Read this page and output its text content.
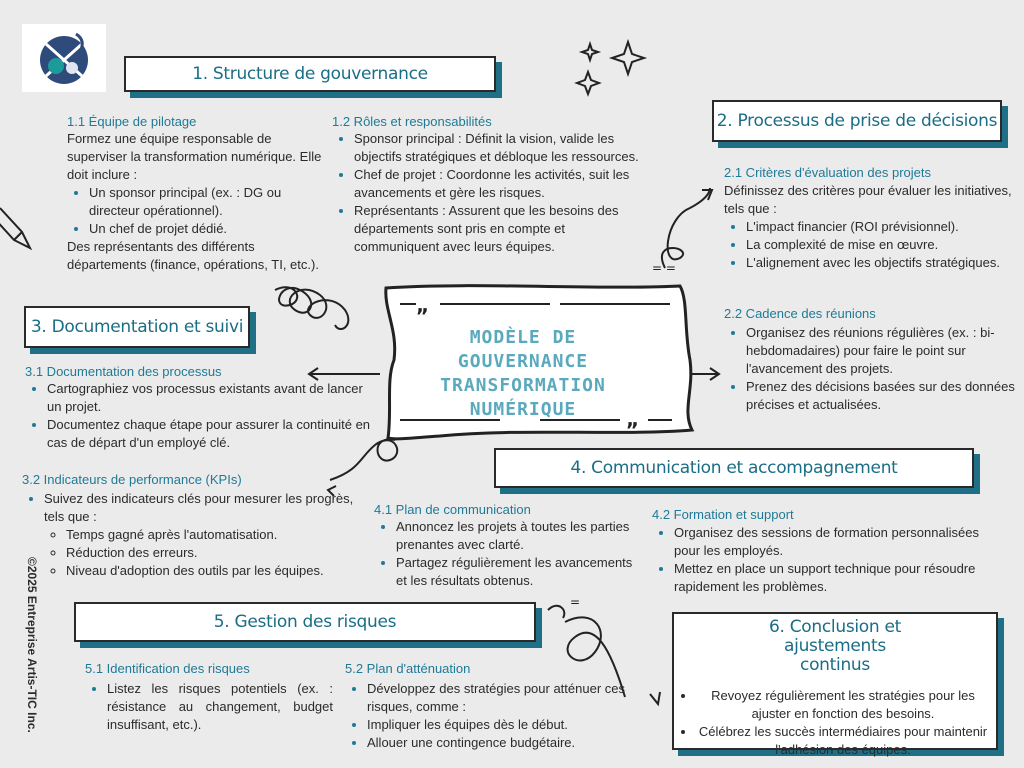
= =
=
„
„
MODÈLE DE GOUVERNANCE
TRANSFORMATION
NUMÉRIQUE
©2025 Entreprise Artis-TIC Inc.
1. Structure de gouvernance
1.1 Équipe de pilotage
Formez une équipe responsable de superviser la transformation numérique. Elle doit inclure :
• Un sponsor principal (ex. : DG ou directeur opérationnel).
• Un chef de projet dédié.
Des représentants des différents départements (finance, opérations, TI, etc.).
1.2 Rôles et responsabilités
• Sponsor principal : Définit la vision, valide les objectifs stratégiques et débloque les ressources.
• Chef de projet : Coordonne les activités, suit les avancements et gère les risques.
• Représentants : Assurent que les besoins des départements sont pris en compte et communiquent avec leurs équipes.
2. Processus de prise de décisions
2.1 Critères d'évaluation des projets
Définissez des critères pour évaluer les initiatives, tels que :
• L'impact financier (ROI prévisionnel).
• La complexité de mise en œuvre.
• L'alignement avec les objectifs stratégiques.
2.2 Cadence des réunions
• Organisez des réunions régulières (ex. : bi-hebdomadaires) pour faire le point sur l'avancement des projets.
• Prenez des décisions basées sur des données précises et actualisées.
3. Documentation et suivi
3.1 Documentation des processus
• Cartographiez vos processus existants avant de lancer un projet.
• Documentez chaque étape pour assurer la continuité en cas de départ d'un employé clé.
3.2 Indicateurs de performance (KPIs)
• Suivez des indicateurs clés pour mesurer les progrès, tels que :
◦ Temps gagné après l'automatisation.
◦ Réduction des erreurs.
◦ Niveau d'adoption des outils par les équipes.
4. Communication et accompagnement
4.1 Plan de communication
• Annoncez les projets à toutes les parties prenantes avec clarté.
• Partagez régulièrement les avancements et les résultats obtenus.
4.2 Formation et support
• Organisez des sessions de formation personnalisées pour les employés.
• Mettez en place un support technique pour résoudre rapidement les problèmes.
5. Gestion des risques
5.1 Identification des risques
• Listez les risques potentiels (ex. : résistance au changement, budget insuffisant, etc.).
5.2 Plan d'atténuation
• Développez des stratégies pour atténuer ces risques, comme :
• Impliquer les équipes dès le début.
• Allouer une contingence budgétaire.
6. Conclusion et ajustements continus
• Revoyez régulièrement les stratégies pour les ajuster en fonction des besoins.
• Célébrez les succès intermédiaires pour maintenir l'adhésion des équipes.
